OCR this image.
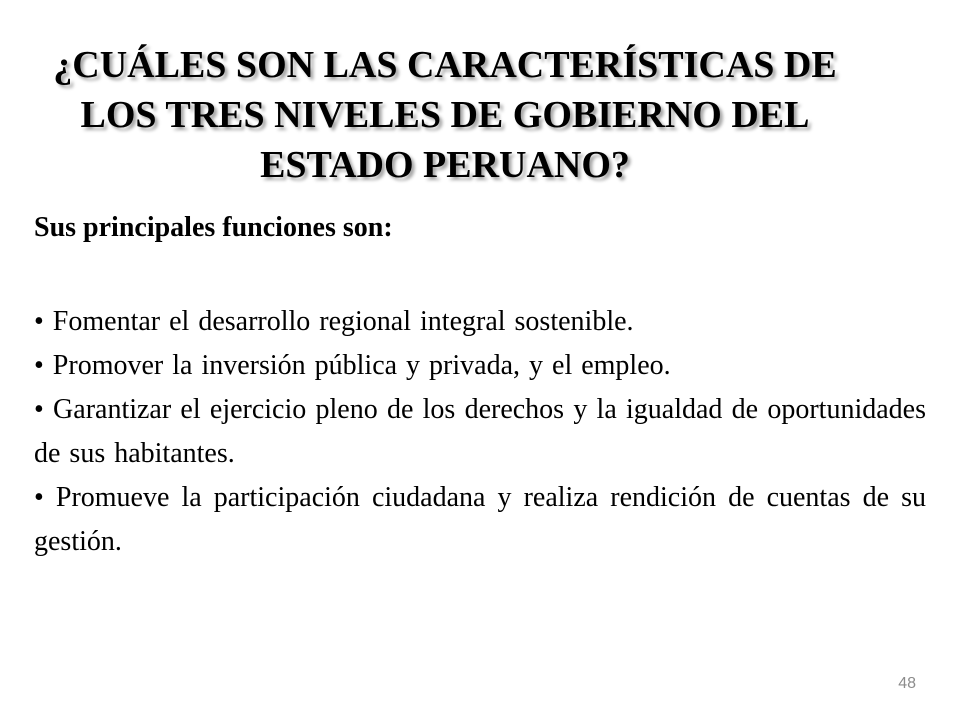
¿CUÁLES SON LAS CARACTERÍSTICAS DE
LOS TRES NIVELES DE GOBIERNO DEL
ESTADO PERUANO?
Sus principales funciones son:

• Fomentar el desarrollo regional integral sostenible.

• Promover la inversión pública y privada, y el empleo.

• Garantizar el ejercicio pleno de los derechos y la igualdad de oportunidades de sus habitantes.

• Promueve la participación ciudadana y realiza rendición de cuentas de su gestión.

48
